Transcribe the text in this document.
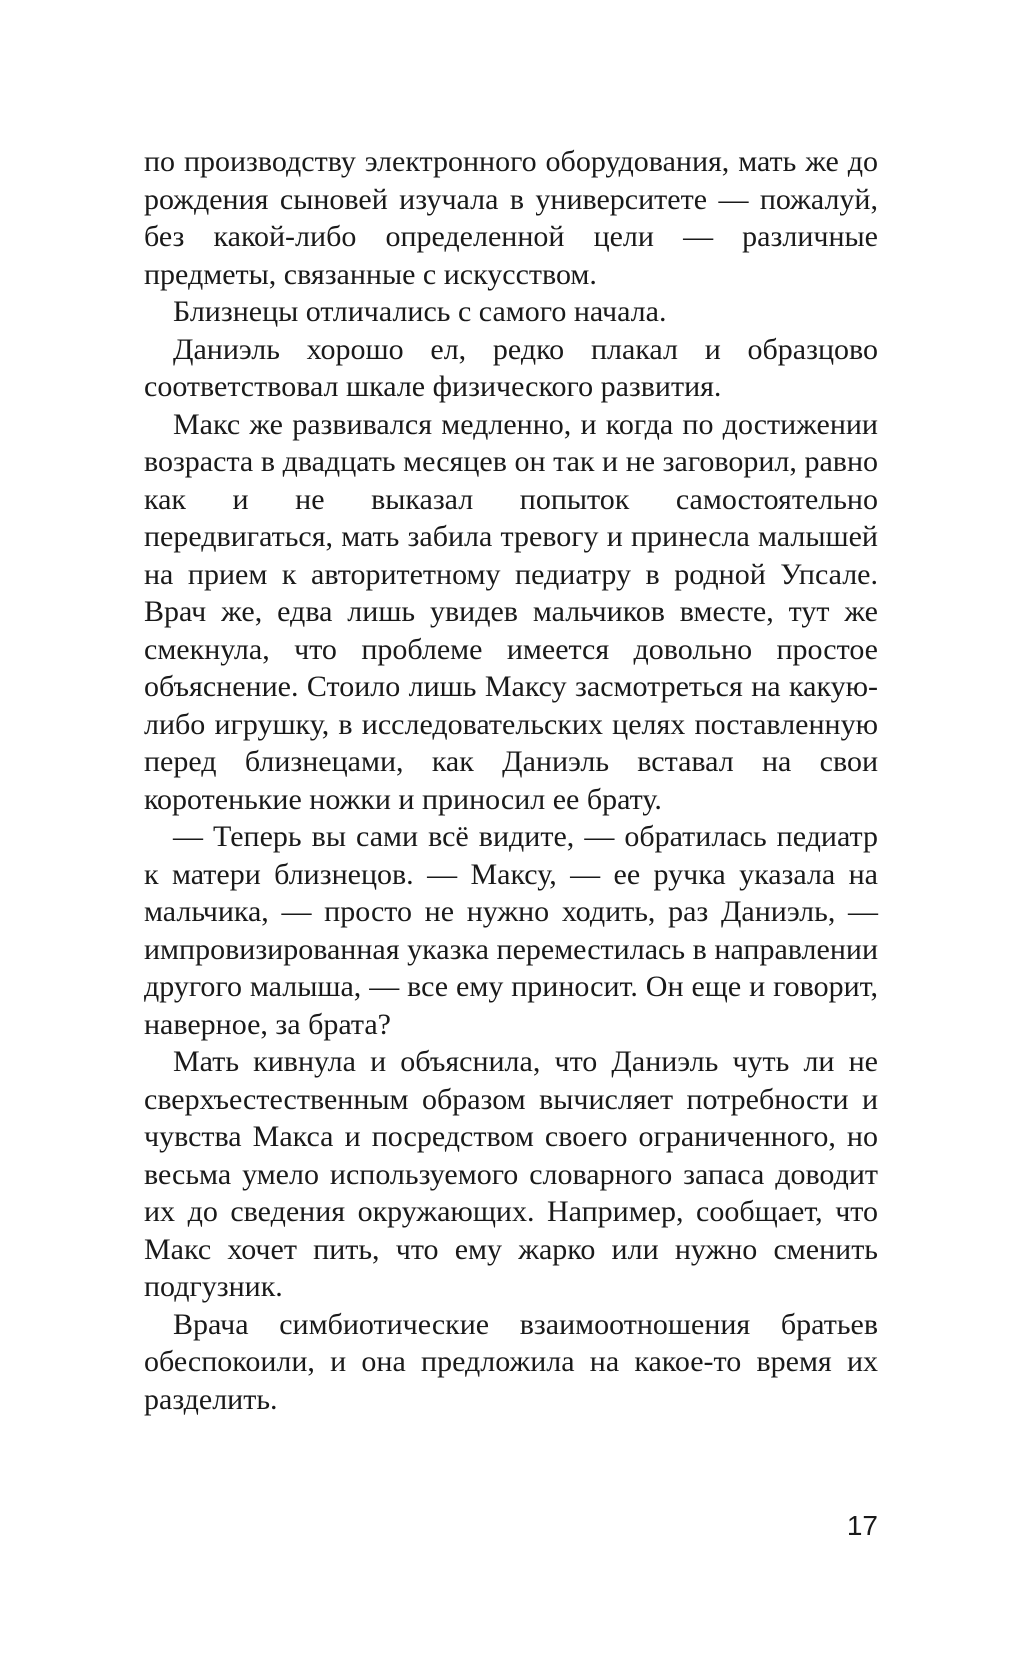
по производству электронного оборудования, мать же до рождения сыновей изучала в университете — пожалуй, без какой-либо определенной цели — различные предметы, связанные с искусством.

Близнецы отличались с самого начала.

Даниэль хорошо ел, редко плакал и образцово соответствовал шкале физического развития.

Макс же развивался медленно, и когда по достижении возраста в двадцать месяцев он так и не заговорил, равно как и не выказал попыток самостоятельно передвигаться, мать забила тревогу и принесла малышей на прием к авторитетному педиатру в родной Упсале. Врач же, едва лишь увидев мальчиков вместе, тут же смекнула, что проблеме имеется довольно простое объяснение. Стоило лишь Максу засмотреться на какую-либо игрушку, в исследовательских целях поставленную перед близнецами, как Даниэль вставал на свои коротенькие ножки и приносил ее брату.

— Теперь вы сами всё видите, — обратилась педиатр к матери близнецов. — Максу, — ее ручка указала на мальчика, — просто не нужно ходить, раз Даниэль, — импровизированная указка переместилась в направлении другого малыша, — все ему приносит. Он еще и говорит, наверное, за брата?

Мать кивнула и объяснила, что Даниэль чуть ли не сверхъестественным образом вычисляет потребности и чувства Макса и посредством своего ограниченного, но весьма умело используемого словарного запаса доводит их до сведения окружающих. Например, сообщает, что Макс хочет пить, что ему жарко или нужно сменить подгузник.

Врача симбиотические взаимоотношения братьев обеспокоили, и она предложила на какое-то время их разделить.

17
